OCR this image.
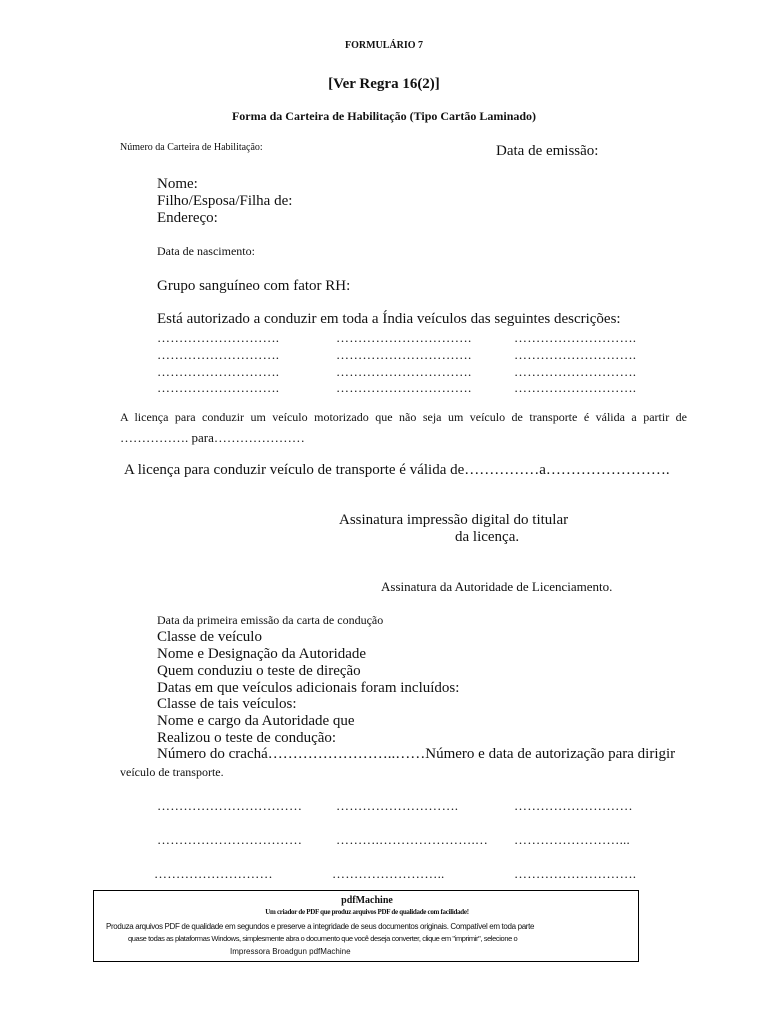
FORMULÁRIO 7
[Ver Regra 16(2)]
Forma da Carteira de Habilitação (Tipo Cartão Laminado)
Número da Carteira de Habilitação:	Data de emissão:
Nome:
Filho/Esposa/Filha de:
Endereço:
Data de nascimento:
Grupo sanguíneo com fator RH:
Está autorizado a conduzir em toda a Índia veículos das seguintes descrições:
……………………….	………………………….	……………………….
……………………….	………………………….	……………………….
……………………….	………………………….	……………………….
……………………….	………………………….	……………………….
A licença para conduzir um veículo motorizado que não seja um veículo de transporte é válida a partir de
……………. para…………………
A licença para conduzir veículo de transporte é válida de……………a…………………….
Assinatura impressão digital do titular
da licença.
Assinatura da Autoridade de Licenciamento.
Data da primeira emissão da carta de condução
Classe de veículo
Nome e Designação da Autoridade
Quem conduziu o teste de direção
Datas em que veículos adicionais foram incluídos:
Classe de tais veículos:
Nome e cargo da Autoridade que
Realizou o teste de condução:
Número do crachá……………………..……Número e data de autorização para dirigir
veículo de transporte.
……………………………	……………………….	………………………
……………………………	……….………………….… ……………………...
………………………	……………………..	……………………….
pdfMachine
Um criador de PDF que produz arquivos PDF de qualidade com facilidade!
Produza arquivos PDF de qualidade em segundos e preserve a integridade de seus documentos originais. Compatível em toda parte
quase todas as plataformas Windows, simplesmente abra o documento que você deseja converter, clique em "imprimir", selecione o
Impressora Broadgun pdfMachine
